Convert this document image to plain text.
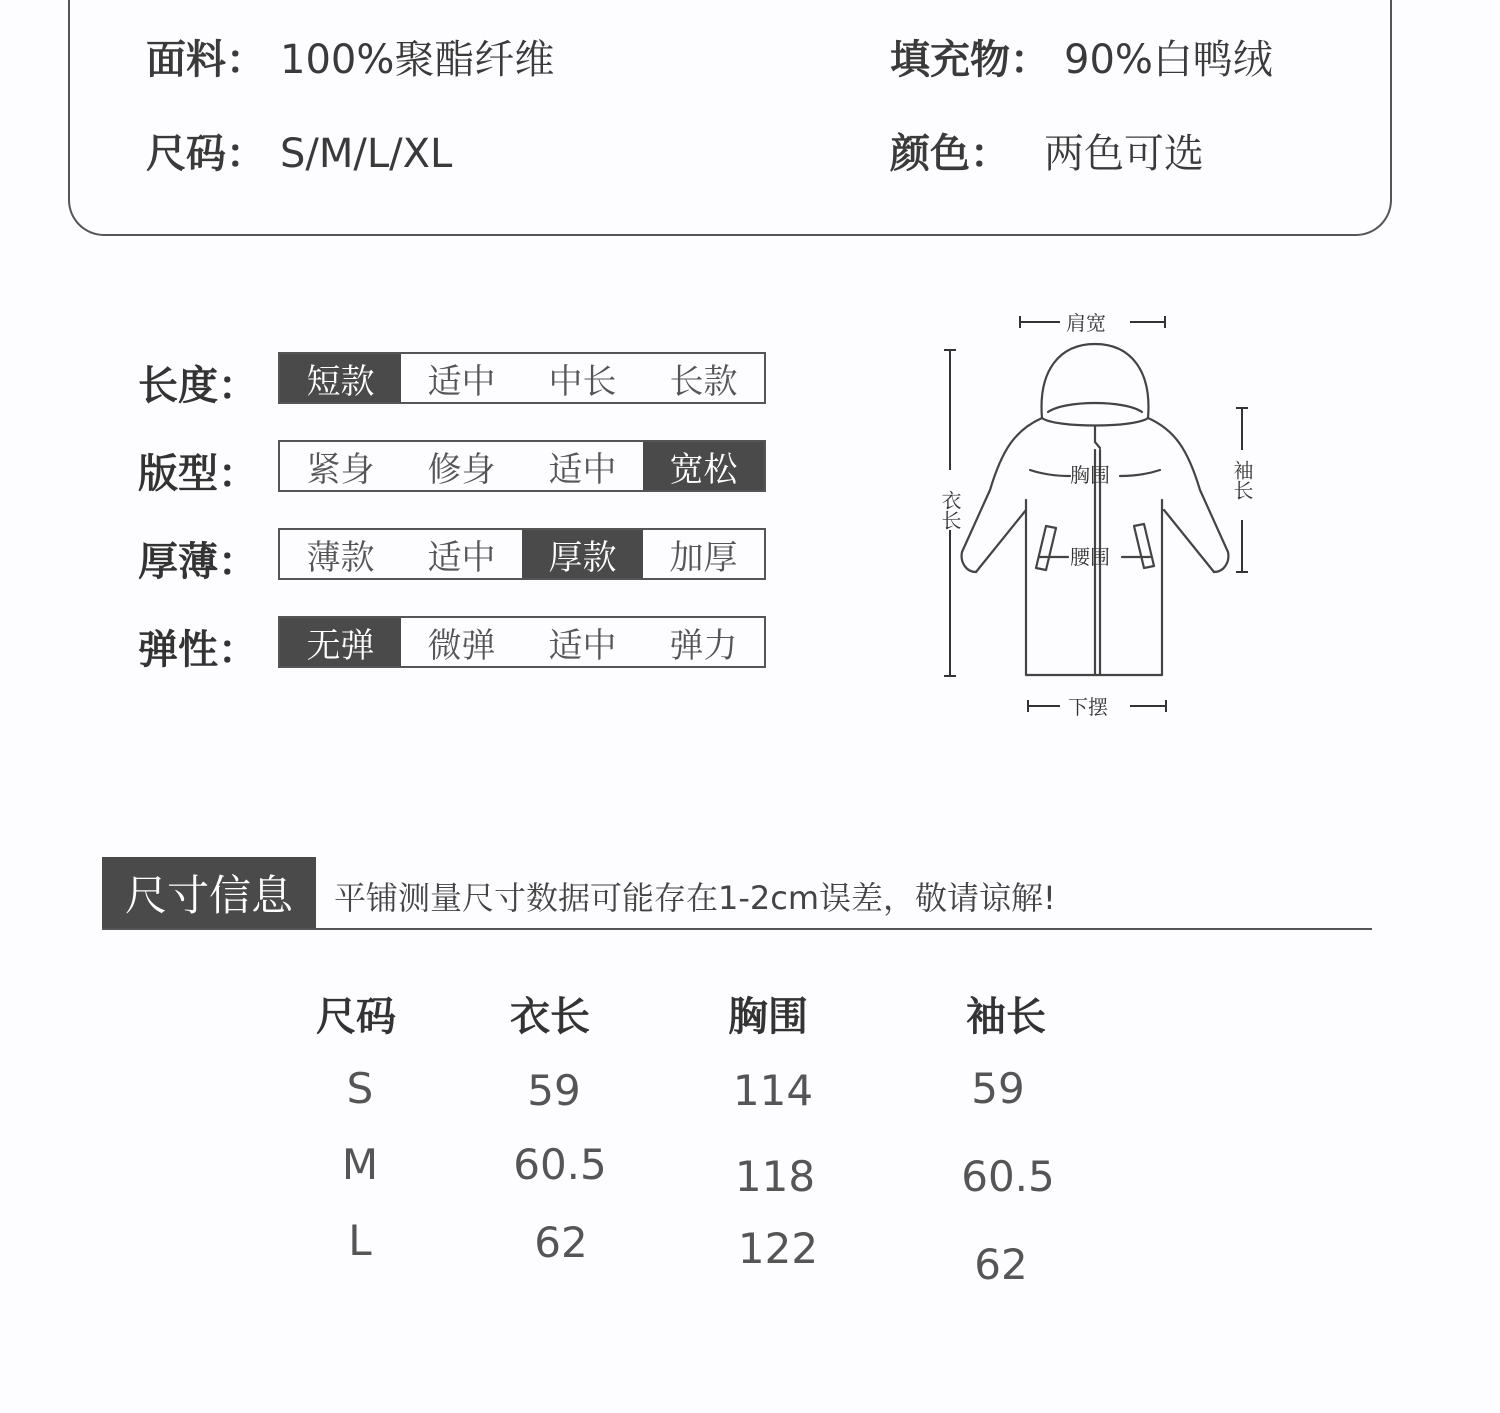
面料： 100%聚酯纤维	填充物： 90%白鸭绒
尺码： S/M/L/XL	颜色： 两色可选
长度：	短款	适中	中长	长款
版型：	紧身	修身	适中	宽松
厚薄：	薄款	适中	厚款	加厚
弹性：	无弹	微弹	适中	弹力
肩宽
胸围
腰围
下摆
衣长
袖长
尺寸信息	平铺测量尺寸数据可能存在1-2cm误差，敬请谅解!
尺码	衣长	胸围	袖长
S	59	114	59
M	60.5	118	60.5
L	62	122	62
